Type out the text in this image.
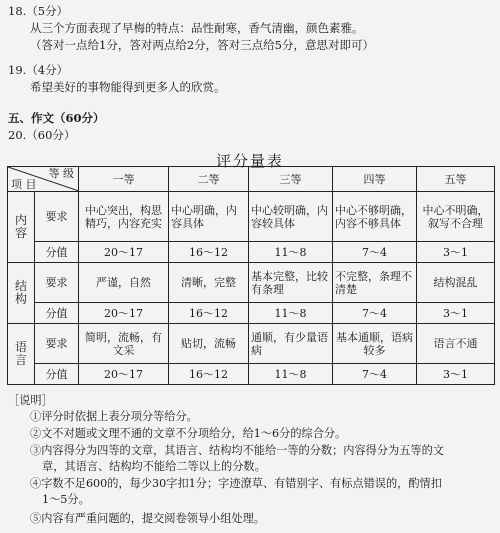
18.（5分）
从三个方面表现了早梅的特点：品性耐寒，香气清幽，颜色素雅。
（答对一点给1分，答对两点给2分，答对三点给5分，意思对即可）
19.（4分）
希望美好的事物能得到更多人的欣赏。
五、作文（60分）
20.（60分）
评分量表
等 级
项 目		一等	二等	三等	四等	五等
内
容	要求	中心突出，构思精巧，内容充实	中心明确，内容具体	中心较明确，内容较具体	中心不够明确，内容不够具体	中心不明确，叙写不合理
	分值	20～17	16～12	11～8	7～4	3～1
结
构	要求	严谨，自然	清晰，完整	基本完整，比较有条理	不完整，条理不清楚	结构混乱
	分值	20～17	16～12	11～8	7～4	3～1
语
言	要求	简明，流畅，有文采	贴切，流畅	通顺，有少量语病	基本通顺，语病较多	语言不通
	分值	20～17	16～12	11～8	7～4	3～1
［说明］
①评分时依据上表分项分等给分。
②文不对题或文理不通的文章不分项给分，给1～6分的综合分。
③内容得分为四等的文章，其语言、结构均不能给一等的分数；内容得分为五等的文
章，其语言、结构均不能给二等以上的分数。
④字数不足600的，每少30字扣1分；字迹潦草、有错别字、有标点错误的，酌情扣
1～5分。
⑤内容有严重问题的，提交阅卷领导小组处理。
